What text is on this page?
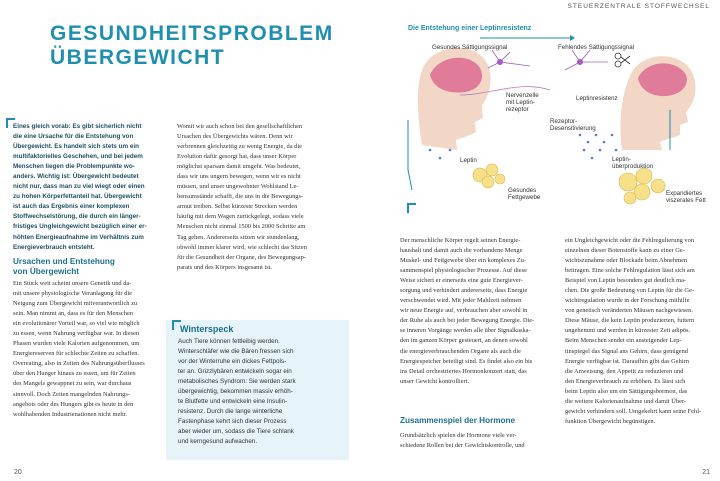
GESUNDHEITSPROBLEM
ÜBERGEWICHT
Eines gleich vorab: Es gibt sicherlich nicht
die eine Ursache für die Entstehung von
Übergewicht. Es handelt sich stets um ein
multifaktorielles Geschehen, und bei jedem
Menschen liegen die Problempunkte wo-
anders. Wichtig ist: Übergewicht bedeutet
nicht nur, dass man zu viel wiegt oder einen
zu hohen Körperfettanteil hat. Übergewicht
ist auch das Ergebnis einer komplexen
Stoffwechselstörung, die durch ein länger-
fristiges Ungleichgewicht bezüglich einer er-
höhten Energieaufnahme im Verhältnis zum
Energieverbrauch entsteht.
Ursachen und Entstehung von Übergewicht
Ein Stück weit scheint unsere Genetik und da-
mit unsere physiologische Veranlagung für die
Neigung zum Übergewicht mitverantwortlich zu
sein. Man nimmt an, dass es für den Menschen
ein evolutionärer Vorteil war, so viel wie möglich
zu essen, wenn Nahrung verfügbar war. In diesen
Phasen wurden viele Kalorien aufgenommen, um
Energiereserven für schlechte Zeiten zu schaffen.
Overeating, also in Zeiten des Nahrungsüberflusses
über den Hunger hinaus zu essen, um für Zeiten
des Mangels gewappnet zu sein, war durchaus
sinnvoll. Doch Zeiten mangelnden Nahrungs-
angebots oder des Hungers gibt es heute in den
wohlhabenden Industrienationen nicht mehr.
Womit wir auch schon bei den gesellschaftlichen
Ursachen des Übergewichts wären. Denn wir
verbrennen gleichzeitig zu wenig Energie, da die
Evolution dafür gesorgt hat, dass unser Körper
möglichst sparsam damit umgeht. Was bedeutet,
dass wir uns ungern bewegen, wenn wir es nicht
müssen, und unser ungewohnter Wohlstand Le-
bensumstände schafft, die uns in die Bewegungs-
armut treiben. Selbst kürzeste Strecken werden
häufig mit dem Wagen zurückgelegt, sodass viele
Menschen nicht einmal 1500 bis 2000 Schritte am
Tag gehen. Andererseits sitzen wir stundenlang,
obwohl immer klarer wird, wie schlecht das Sitzen
für die Gesundheit der Organe, des Bewegungsap-
parats und des Körpers insgesamt ist.
Winterspeck
Auch Tiere können fettleibig werden.
Winterschläfer wie die Bären fressen sich
vor der Winterruhe ein dickes Fettpols-
ter an. Grizzlybären entwickeln sogar ein
metabolisches Syndrom: Sie werden stark
übergewichtig, bekommen massiv erhöh-
te Blutfette und entwickeln eine Insulin-
resistenz. Durch die lange winterliche
Fastenphase kehrt sich dieser Prozess
aber wieder um, sodass die Tiere schlank
und kerngesund aufwachen.
20
STEUERZENTRALE STOFFWECHSEL
Die Entstehung einer Leptinresistenz
Gesundes Sättigungssignal	Fehlendes Sättigungssignal
Nervenzelle
mit Leptin-
rezeptor
Leptinresistenz
Rezeptor-
Desensitivierung
Leptin	Leptin-
überproduktion
Gesundes
Fettgewebe
Expandiertes
viszerales Fett
Der menschliche Körper regelt seinen Energie-
haushalt und damit auch die vorhandene Menge
Muskel- und Fettgewebe über ein komplexes Zu-
sammenspiel physiologischer Prozesse. Auf diese
Weise sichert er einerseits eine gute Energiever-
sorgung und verhindert andererseits, dass Energie
verschwendet wird. Mit jeder Mahlzeit nehmen
wir neue Energie auf, verbrauchen aber sowohl in
der Ruhe als auch bei jeder Bewegung Energie. Die-
se inneren Vorgänge werden alle über Signalkaska-
den im ganzen Körper gesteuert, an denen sowohl
die energieverbrauchenden Organe als auch die
Energiespeicher beteiligt sind. Es findet also ein bis
ins Detail orchestriertes Hormonkonzert statt, das
unser Gewicht kontrolliert.
Zusammenspiel der Hormone
Grundsätzlich spielen die Hormone viele ver-
schiedene Rollen bei der Gewichtskontrolle, und
ein Ungleichgewicht oder die Fehlregulierung von
einzelnen dieser Botenstoffe kann zu einer Ge-
wichtszunahme oder Blockade beim Abnehmen
beitragen. Eine solche Fehlregulation lässt sich am
Beispiel von Leptin besonders gut deutlich ma-
chen. Die große Bedeutung von Leptin für die Ge-
wichtregulation wurde in der Forschung mithilfe
von genetisch veränderten Mäusen nachgewiesen.
Diese Mäuse, die kein Leptin produzierten, futtern
ungehemmt und werden in kürzester Zeit adipös.
Beim Menschen sendet ein ansteigender Lep-
tinspiegel das Signal ans Gehirn, dass genügend
Energie verfügbar ist. Daraufhin gibt das Gehirn
die Anweisung, den Appetit zu reduzieren und
den Energieverbrauch zu erhöhen. Es lässt sich
beim Leptin also um ein Sättigungsbormon, das
die weitere Kalorienaufnahme und damit Über-
gewicht verhindern soll. Umgekehrt kann seine Fehl-
funktion Übergewicht begünstigen.
21
